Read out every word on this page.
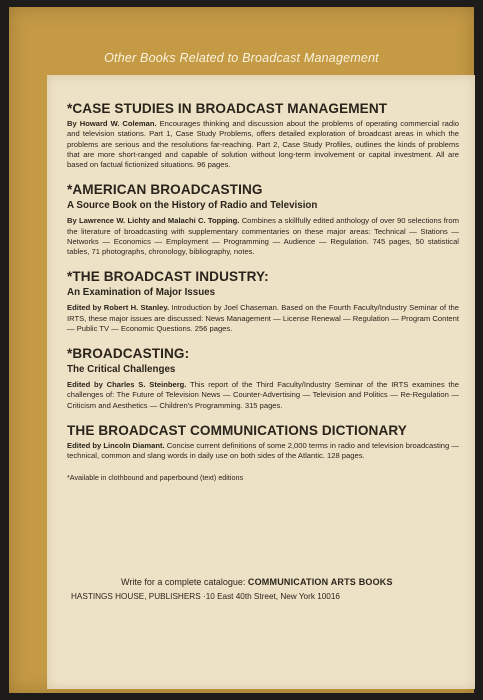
Other Books Related to Broadcast Management
*CASE STUDIES IN BROADCAST MANAGEMENT

By Howard W. Coleman. Encourages thinking and discussion about the problems of operating commercial radio and television stations. Part 1, Case Study Problems, offers detailed exploration of broadcast areas in which the problems are serious and the resolutions far-reaching. Part 2, Case Study Profiles, outlines the kinds of problems that are more short-ranged and capable of solution without long-term involvement or capital investment. All are based on factual fictionized situations. 96 pages.

*AMERICAN BROADCASTING
A Source Book on the History of Radio and Television

By Lawrence W. Lichty and Malachi C. Topping. Combines a skillfully edited anthology of over 90 selections from the literature of broadcasting with supplementary commentaries on these major areas: Technical — Stations — Networks — Economics — Employment — Programming — Audience — Regulation. 745 pages, 50 statistical tables, 71 photographs, chronology, bibliography, notes.

*THE BROADCAST INDUSTRY:
An Examination of Major Issues

Edited by Robert H. Stanley. Introduction by Joel Chaseman. Based on the Fourth Faculty/Industry Seminar of the IRTS, these major issues are discussed: News Management — License Renewal — Regulation — Program Content — Public TV — Economic Questions. 256 pages.

*BROADCASTING:
The Critical Challenges

Edited by Charles S. Steinberg. This report of the Third Faculty/Industry Seminar of the IRTS examines the challenges of: The Future of Television News — Counter-Advertising — Television and Politics — Re-Regulation — Criticism and Aesthetics — Children's Programming. 315 pages.

THE BROADCAST COMMUNICATIONS DICTIONARY

Edited by Lincoln Diamant. Concise current definitions of some 2,000 terms in radio and television broadcasting — technical, common and slang words in daily use on both sides of the Atlantic. 128 pages.

*Available in clothbound and paperbound (text) editions
Write for a complete catalogue: COMMUNICATION ARTS BOOKS
HASTINGS HOUSE, PUBLISHERS ·10 East 40th Street, New York 10016
